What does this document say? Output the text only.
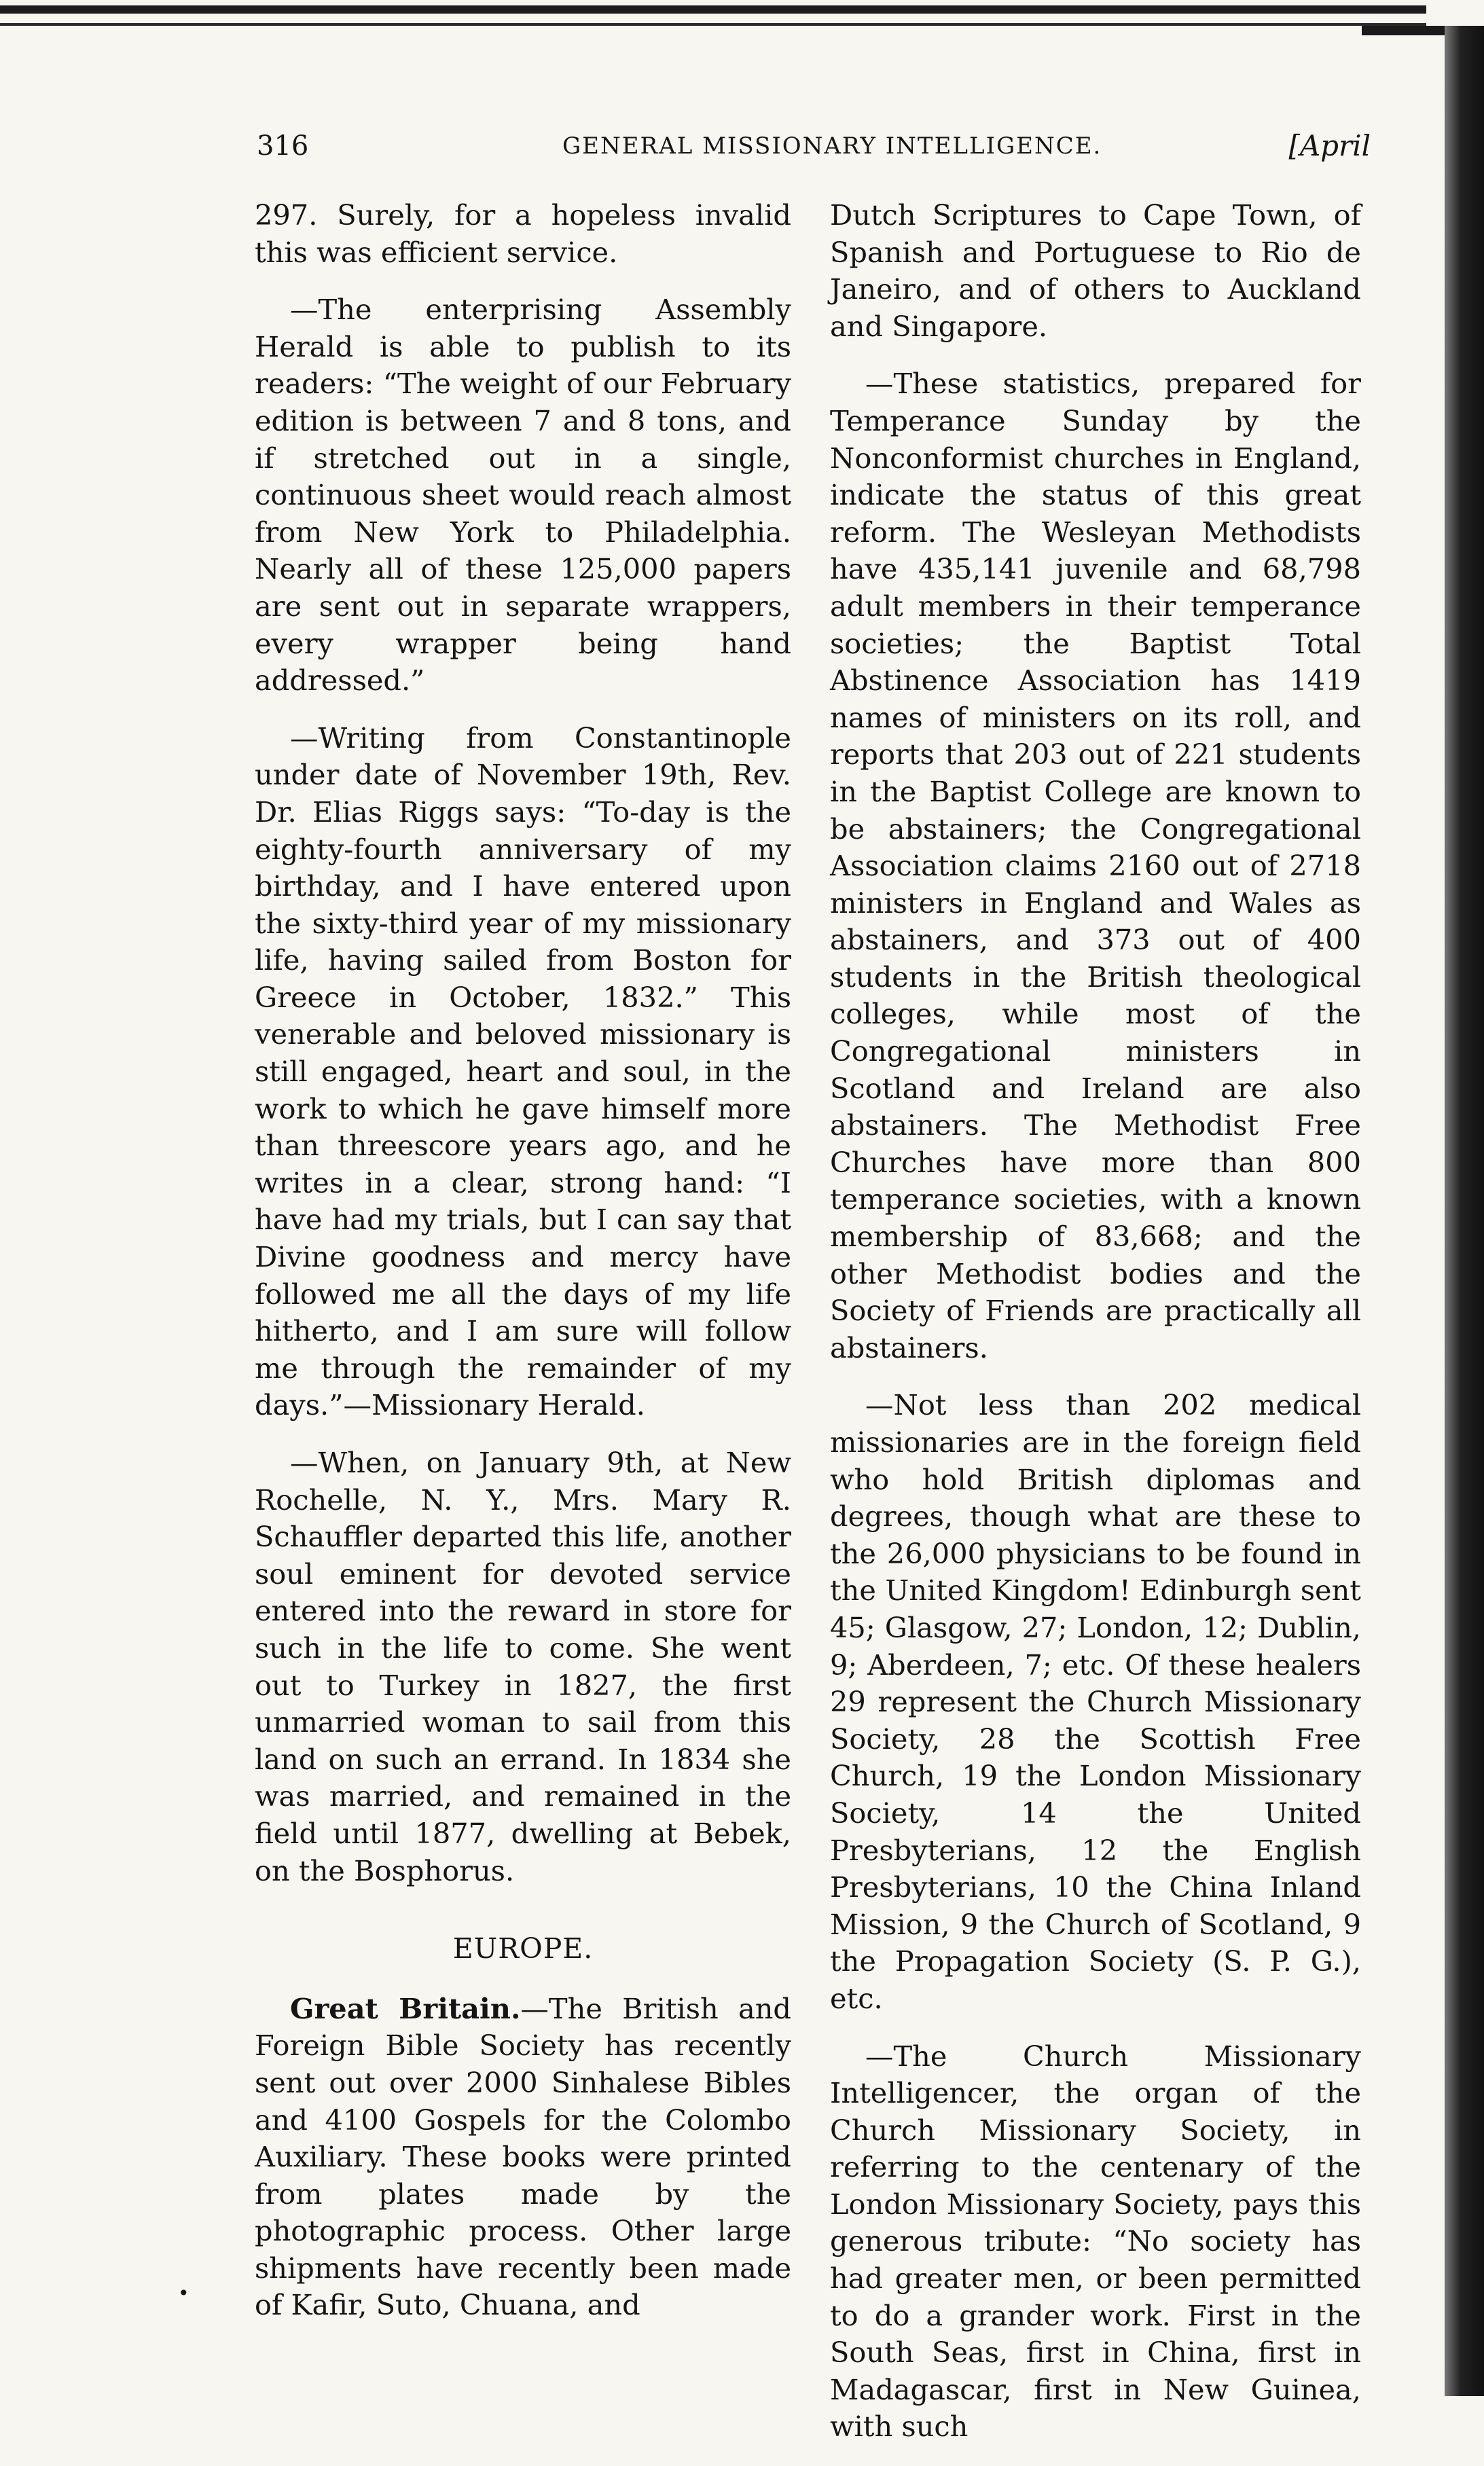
316	GENERAL MISSIONARY INTELLIGENCE.	[April

297. Surely, for a hopeless invalid this was efficient service.

—The enterprising Assembly Herald is able to publish to its readers: “The weight of our February edition is between 7 and 8 tons, and if stretched out in a single, continuous sheet would reach almost from New York to Philadelphia. Nearly all of these 125,000 papers are sent out in separate wrappers, every wrapper being hand addressed.”

—Writing from Constantinople under date of November 19th, Rev. Dr. Elias Riggs says: “To-day is the eighty-fourth anniversary of my birthday, and I have entered upon the sixty-third year of my missionary life, having sailed from Boston for Greece in October, 1832.” This venerable and beloved missionary is still engaged, heart and soul, in the work to which he gave himself more than threescore years ago, and he writes in a clear, strong hand: “I have had my trials, but I can say that Divine goodness and mercy have followed me all the days of my life hitherto, and I am sure will follow me through the remainder of my days.”—Missionary Herald.

—When, on January 9th, at New Rochelle, N. Y., Mrs. Mary R. Schauffler departed this life, another soul eminent for devoted service entered into the reward in store for such in the life to come. She went out to Turkey in 1827, the first unmarried woman to sail from this land on such an errand. In 1834 she was married, and remained in the field until 1877, dwelling at Bebek, on the Bosphorus.

EUROPE.

Great Britain.—The British and Foreign Bible Society has recently sent out over 2000 Sinhalese Bibles and 4100 Gospels for the Colombo Auxiliary. These books were printed from plates made by the photographic process. Other large shipments have recently been made of Kafir, Suto, Chuana, and

Dutch Scriptures to Cape Town, of Spanish and Portuguese to Rio de Janeiro, and of others to Auckland and Singapore.

—These statistics, prepared for Temperance Sunday by the Nonconformist churches in England, indicate the status of this great reform. The Wesleyan Methodists have 435,141 juvenile and 68,798 adult members in their temperance societies; the Baptist Total Abstinence Association has 1419 names of ministers on its roll, and reports that 203 out of 221 students in the Baptist College are known to be abstainers; the Congregational Association claims 2160 out of 2718 ministers in England and Wales as abstainers, and 373 out of 400 students in the British theological colleges, while most of the Congregational ministers in Scotland and Ireland are also abstainers. The Methodist Free Churches have more than 800 temperance societies, with a known membership of 83,668; and the other Methodist bodies and the Society of Friends are practically all abstainers.

—Not less than 202 medical missionaries are in the foreign field who hold British diplomas and degrees, though what are these to the 26,000 physicians to be found in the United Kingdom! Edinburgh sent 45; Glasgow, 27; London, 12; Dublin, 9; Aberdeen, 7; etc. Of these healers 29 represent the Church Missionary Society, 28 the Scottish Free Church, 19 the London Missionary Society, 14 the United Presbyterians, 12 the English Presbyterians, 10 the China Inland Mission, 9 the Church of Scotland, 9 the Propagation Society (S. P. G.), etc.

—The Church Missionary Intelligencer, the organ of the Church Missionary Society, in referring to the centenary of the London Missionary Society, pays this generous tribute: “No society has had greater men, or been permitted to do a grander work. First in the South Seas, first in China, first in Madagascar, first in New Guinea, with such

•
